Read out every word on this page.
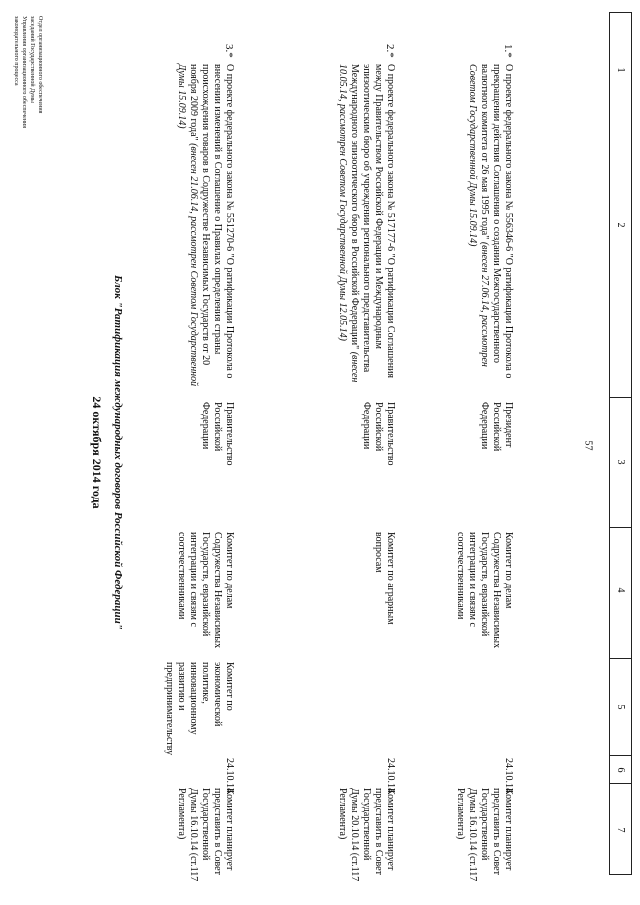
1
2
3
4
5
6
7
Отдел организационного обеспечения заседаний Государственной Думы
Управления организационного обеспечения законодательного процесса	3.*
О проекте федерального закона № 551270-6 "О ратификации Протокола о внесении изменений в Соглашение о Правилах определения страны происхождения товаров в Содружестве Независимых Государств от 20 ноября 2009 года" (внесен 21.06.14, рассмотрен Советом Государственной Думы 15.09.14)
2.*
О проекте федерального закона № 517177-6 "О ратификации Соглашения между Правительством Российской Федерации и Международным эпизоотическим бюро об учреждении регионального представительства Международного эпизоотического бюро в Российской Федерации" (внесен 10.05.14, рассмотрен Советом Государственной Думы 12.05.14)
1.*
О проекте федерального закона № 556346-6 "О ратификации Протокола о прекращении действия Соглашения о создании Межгосударственного валютного комитета от 26 мая 1995 года" (внесен 27.06.14, рассмотрен Советом Государственной Думы 15.09.14)
Президент Российской Федерации
Правительство Российской Федерации
Правительство Российской Федерации
Комитет по делам Содружества Независимых Государств, евразийской интеграции и связям с соотечественниками
Комитет по аграрным вопросам
Комитет по делам Содружества Независимых Государств, евразийской интеграции и связям с соотечественниками
Комитет по экономической политике, инновационному развитию и предпринимательству
24.10.14
24.10.14
24.10.14
Комитет планирует представить в Совет Государственной Думы 16.10.14 (ст.117 Регламента)
Комитет планирует представить в Совет Государственной Думы 20.10.14 (ст.117 Регламента)
Комитет планирует представить в Совет Государственной Думы 16.10.14 (ст.117 Регламента)
24 октября 2014 года Блок "Ратификация международных договоров Российской Федерации"	57
